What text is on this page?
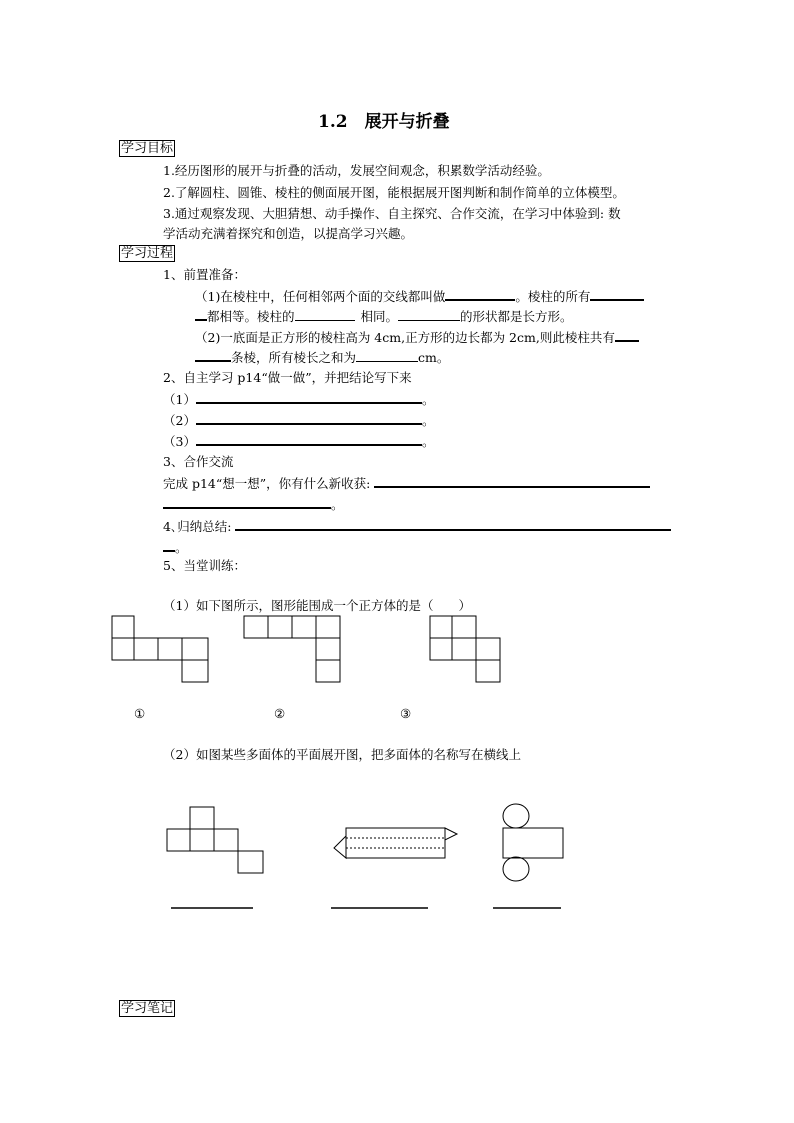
1.2　展开与折叠
学习目标
1.经历图形的展开与折叠的活动，发展空间观念，积累数学活动经验。
2.了解圆柱、圆锥、棱柱的侧面展开图，能根据展开图判断和制作简单的立体模型。
3.通过观察发现、大胆猜想、动手操作、自主探究、合作交流，在学习中体验到: 数
学活动充满着探究和创造，以提高学习兴趣。
学习过程
1、前置准备：
（1)在棱柱中，任何相邻两个面的交线都叫做	。棱柱的所有
都相等。棱柱的	相同。	的形状都是长方形。
（2)一底面是正方形的棱柱高为 4cm,正方形的边长都为 2cm,则此棱柱共有
条棱，所有棱长之和为	cm。
2、自主学习 p14“做一做”，并把结论写下来
（1）	。
（2）	。
（3）	。
3、合作交流
完成 p14“想一想”，你有什么新收获:
。
4､归纳总结:
。
5、当堂训练：
（1）如下图所示，图形能围成一个正方体的是（　　）
①	②	③
（2）如图某些多面体的平面展开图，把多面体的名称写在横线上
学习笔记
